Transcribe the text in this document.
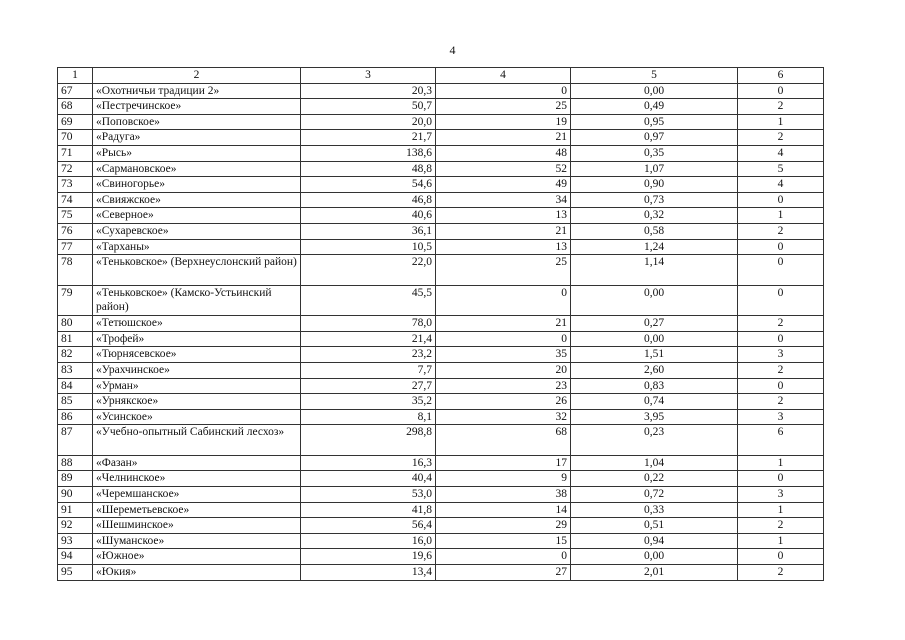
4
1	2	3	4	5	6
67	«Охотничьи традиции 2»	20,3	0	0,00	0
68	«Пестречинское»	50,7	25	0,49	2
69	«Поповское»	20,0	19	0,95	1
70	«Радуга»	21,7	21	0,97	2
71	«Рысь»	138,6	48	0,35	4
72	«Сармановское»	48,8	52	1,07	5
73	«Свиногорье»	54,6	49	0,90	4
74	«Свияжское»	46,8	34	0,73	0
75	«Северное»	40,6	13	0,32	1
76	«Сухаревское»	36,1	21	0,58	2
77	«Тарханы»	10,5	13	1,24	0
78	«Теньковское» (Верхнеуслонский район)	22,0	25	1,14	0
79	«Теньковское» (Камско-Устьинский район)	45,5	0	0,00	0
80	«Тетюшское»	78,0	21	0,27	2
81	«Трофей»	21,4	0	0,00	0
82	«Тюрнясевское»	23,2	35	1,51	3
83	«Урахчинское»	7,7	20	2,60	2
84	«Урман»	27,7	23	0,83	0
85	«Урнякское»	35,2	26	0,74	2
86	«Усинское»	8,1	32	3,95	3
87	«Учебно-опытный Сабинский лесхоз»	298,8	68	0,23	6
88	«Фазан»	16,3	17	1,04	1
89	«Челнинское»	40,4	9	0,22	0
90	«Черемшанское»	53,0	38	0,72	3
91	«Шереметьевское»	41,8	14	0,33	1
92	«Шешминское»	56,4	29	0,51	2
93	«Шуманское»	16,0	15	0,94	1
94	«Южное»	19,6	0	0,00	0
95	«Юкия»	13,4	27	2,01	2
